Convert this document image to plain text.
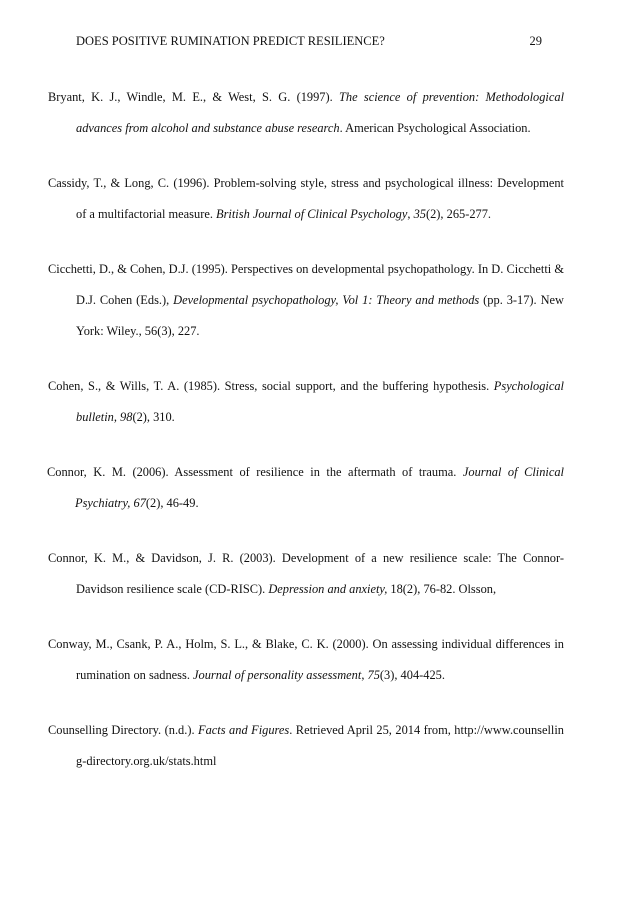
DOES POSITIVE RUMINATION PREDICT RESILIENCE?	29

Bryant, K. J., Windle, M. E., & West, S. G. (1997). The science of prevention: Methodological advances from alcohol and substance abuse research. American Psychological Association.

Cassidy, T., & Long, C. (1996). Problem-solving style, stress and psychological illness: Development of a multifactorial measure. British Journal of Clinical Psychology, 35(2), 265-277.

Cicchetti, D., & Cohen, D.J. (1995). Perspectives on developmental psychopathology. In D. Cicchetti & D.J. Cohen (Eds.), Developmental psychopathology, Vol 1: Theory and methods (pp. 3-17). New York: Wiley., 56(3), 227.

Cohen, S., & Wills, T. A. (1985). Stress, social support, and the buffering hypothesis. Psychological bulletin, 98(2), 310.

Connor, K. M. (2006). Assessment of resilience in the aftermath of trauma. Journal of Clinical Psychiatry, 67(2), 46-49.

Connor, K. M., & Davidson, J. R. (2003). Development of a new resilience scale: The Connor-Davidson resilience scale (CD-RISC). Depression and anxiety, 18(2), 76-82. Olsson,

Conway, M., Csank, P. A., Holm, S. L., & Blake, C. K. (2000). On assessing individual differences in rumination on sadness. Journal of personality assessment, 75(3), 404-425.

Counselling Directory. (n.d.). Facts and Figures. Retrieved April 25, 2014 from, http://www.counselling-directory.org.uk/stats.html
